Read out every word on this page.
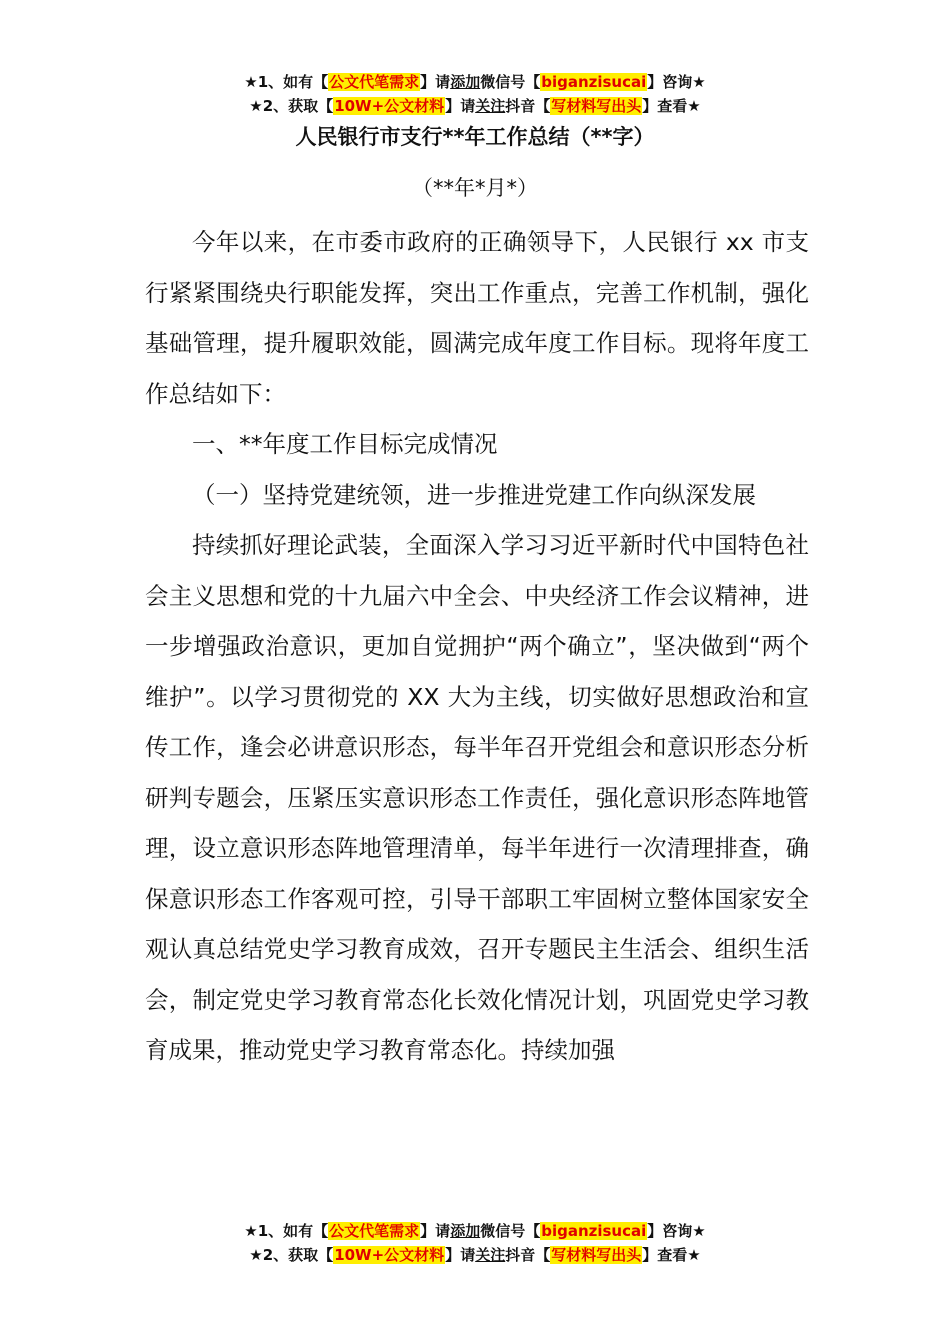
★1、如有【公文代笔需求】请添加微信号【biganzisucai】咨询★
★2、获取【10W+公文材料】请关注抖音【写材料写出头】查看★
人民银行市支行**年工作总结（**字）
（**年*月*）

今年以来，在市委市政府的正确领导下，人民银行 xx 市支行紧紧围绕央行职能发挥，突出工作重点，完善工作机制，强化基础管理，提升履职效能，圆满完成年度工作目标。现将年度工作总结如下：

一、**年度工作目标完成情况

（一）坚持党建统领，进一步推进党建工作向纵深发展

持续抓好理论武装，全面深入学习习近平新时代中国特色社会主义思想和党的十九届六中全会、中央经济工作会议精神，进一步增强政治意识，更加自觉拥护“两个确立”，坚决做到“两个维护”。以学习贯彻党的 XX 大为主线，切实做好思想政治和宣传工作，逢会必讲意识形态，每半年召开党组会和意识形态分析研判专题会，压紧压实意识形态工作责任，强化意识形态阵地管理，设立意识形态阵地管理清单，每半年进行一次清理排查，确保意识形态工作客观可控，引导干部职工牢固树立整体国家安全观认真总结党史学习教育成效，召开专题民主生活会、组织生活会，制定党史学习教育常态化长效化情况计划，巩固党史学习教育成果，推动党史学习教育常态化。持续加强

★1、如有【公文代笔需求】请添加微信号【biganzisucai】咨询★
★2、获取【10W+公文材料】请关注抖音【写材料写出头】查看★
